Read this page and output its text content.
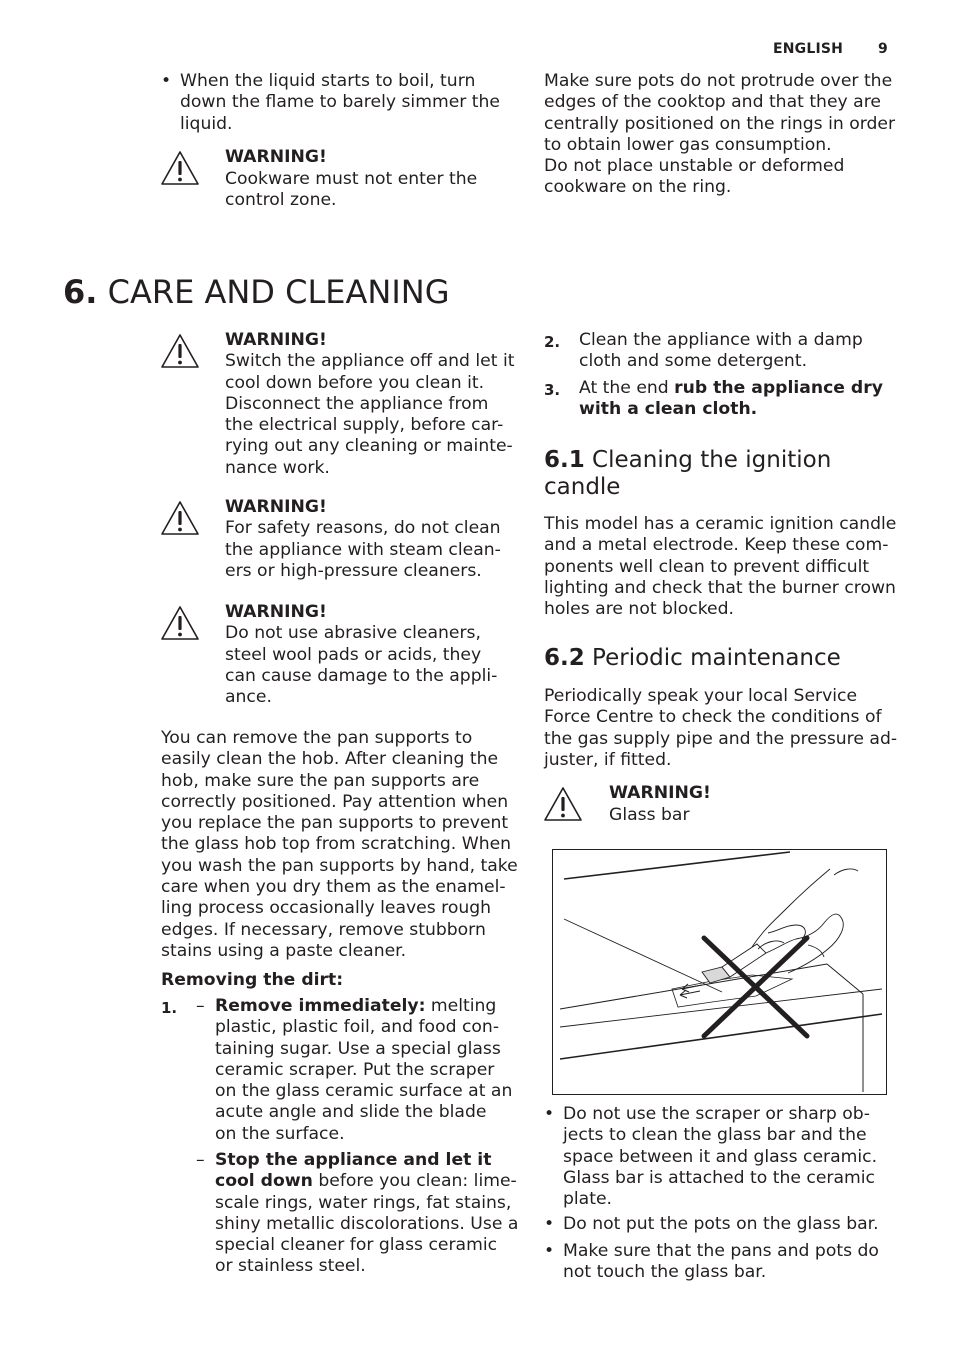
ENGLISH 9
• When the liquid starts to boil, turn down the flame to barely simmer the liquid.
WARNING!
Cookware must not enter the control zone.
Make sure pots do not protrude over the edges of the cooktop and that they are centrally positioned on the rings in order to obtain lower gas consumption.
Do not place unstable or deformed cookware on the ring.
6. CARE AND CLEANING
WARNING!
Switch the appliance off and let it
cool down before you clean it.
Disconnect the appliance from
the electrical supply, before car-
rying out any cleaning or mainte-
nance work.
WARNING!
For safety reasons, do not clean
the appliance with steam clean-
ers or high-pressure cleaners.
WARNING!
Do not use abrasive cleaners,
steel wool pads or acids, they
can cause damage to the appli-
ance.
You can remove the pan supports to
easily clean the hob. After cleaning the
hob, make sure the pan supports are
correctly positioned. Pay attention when
you replace the pan supports to prevent
the glass hob top from scratching. When
you wash the pan supports by hand, take
care when you dry them as the enamel-
ling process occasionally leaves rough
edges. If necessary, remove stubborn
stains using a paste cleaner.
Removing the dirt:
1. – Remove immediately: melting
plastic, plastic foil, and food con-
taining sugar. Use a special glass
ceramic scraper. Put the scraper
on the glass ceramic surface at an
acute angle and slide the blade
on the surface.
– Stop the appliance and let it
cool down before you clean: lime-
scale rings, water rings, fat stains,
shiny metallic discolorations. Use a
special cleaner for glass ceramic
or stainless steel.
2. Clean the appliance with a damp
cloth and some detergent.
3. At the end rub the appliance dry
with a clean cloth.
6.1 Cleaning the ignition
candle
This model has a ceramic ignition candle
and a metal electrode. Keep these com-
ponents well clean to prevent difficult
lighting and check that the burner crown
holes are not blocked.
6.2 Periodic maintenance
Periodically speak your local Service
Force Centre to check the conditions of
the gas supply pipe and the pressure ad-
juster, if fitted.
WARNING!
Glass bar
• Do not use the scraper or sharp ob-
jects to clean the glass bar and the
space between it and glass ceramic.
Glass bar is attached to the ceramic
plate.
• Do not put the pots on the glass bar.
• Make sure that the pans and pots do
not touch the glass bar.
